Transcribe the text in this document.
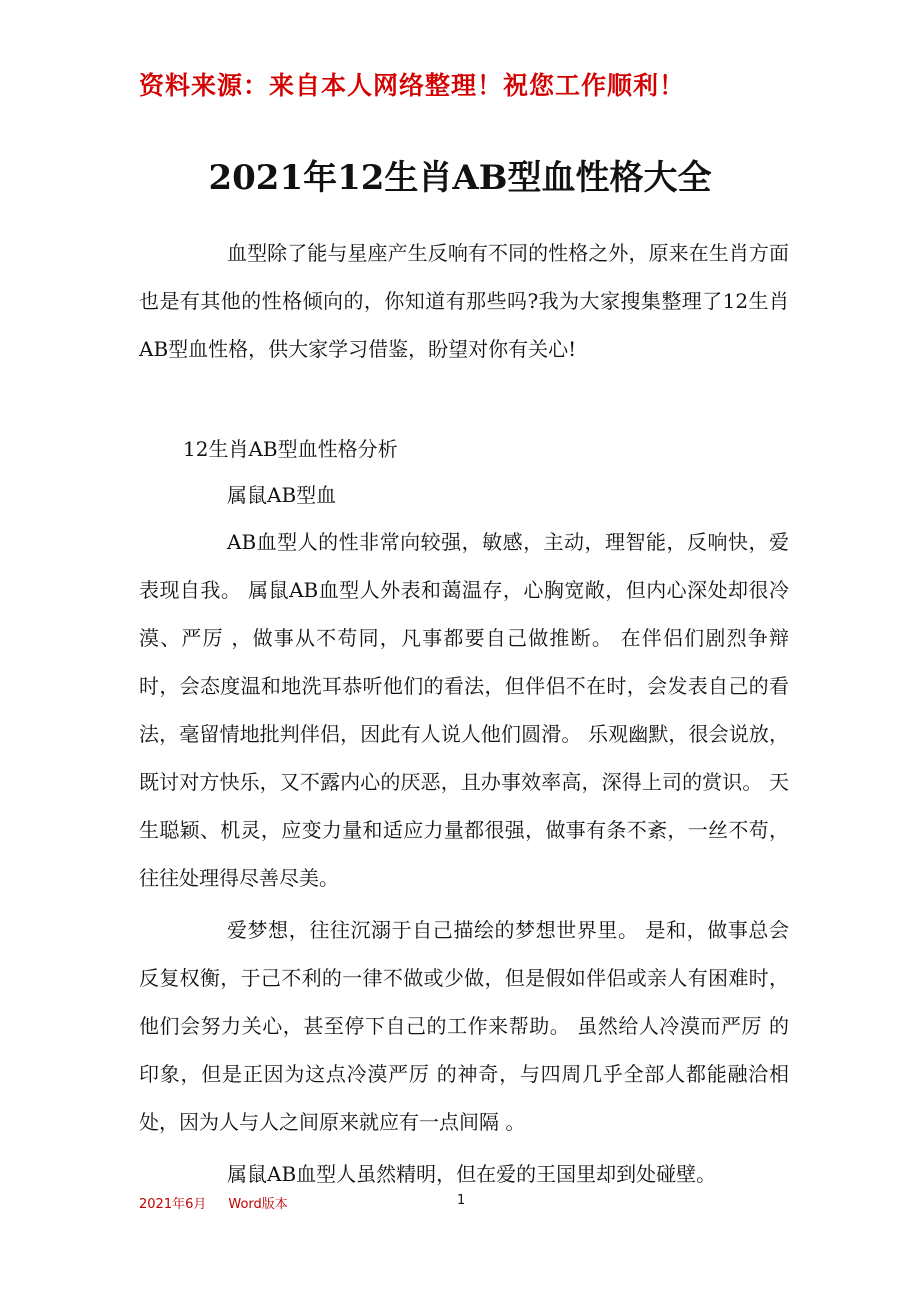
资料来源：来自本人网络整理！祝您工作顺利！
2021年12生肖AB型血性格大全

血型除了能与星座产生反响有不同的性格之外，原来在生肖方面也是有其他的性格倾向的，你知道有那些吗?我为大家搜集整理了12生肖AB型血性格，供大家学习借鉴，盼望对你有关心!

12生肖AB型血性格分析
属鼠AB型血

AB血型人的性非常向较强，敏感，主动，理智能，反响快，爱表现自我。 属鼠AB血型人外表和蔼温存，心胸宽敞，但内心深处却很冷漠、严厉 ，做事从不苟同，凡事都要自己做推断。 在伴侣们剧烈争辩时，会态度温和地洗耳恭听他们的看法，但伴侣不在时，会发表自己的看法，毫留情地批判伴侣，因此有人说人他们圆滑。 乐观幽默，很会说放，既讨对方快乐，又不露内心的厌恶，且办事效率高，深得上司的赏识。 天生聪颖、机灵，应变力量和适应力量都很强，做事有条不紊，一丝不苟，往往处理得尽善尽美。

爱梦想，往往沉溺于自己描绘的梦想世界里。 是和，做事总会反复权衡，于己不利的一律不做或少做，但是假如伴侣或亲人有困难时，他们会努力关心，甚至停下自己的工作来帮助。 虽然给人冷漠而严厉 的印象，但是正因为这点冷漠严厉 的神奇，与四周几乎全部人都能融洽相处，因为人与人之间原来就应有一点间隔 。

属鼠AB血型人虽然精明，但在爱的王国里却到处碰壁。

2021年6月 Word版本	1
